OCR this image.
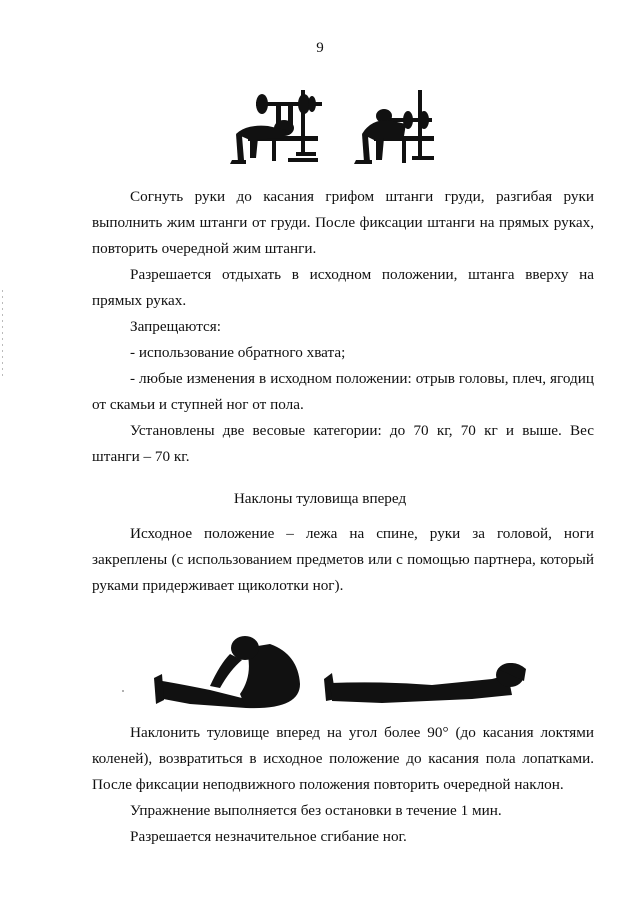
9

Согнуть руки до касания грифом штанги груди, разгибая руки выполнить жим штанги от груди. После фиксации штанги на прямых руках, повторить очередной жим штанги.

Разрешается отдыхать в исходном положении, штанга вверху на прямых руках.

Запрещаются:

- использование обратного хвата;

- любые изменения в исходном положении: отрыв головы, плеч, ягодиц от скамьи и ступней ног от пола.

Установлены две весовые категории: до 70 кг, 70 кг и выше. Вес штанги – 70 кг.

Наклоны туловища вперед

Исходное положение – лежа на спине, руки за головой, ноги закреплены (с использованием предметов или с помощью партнера, который руками придерживает щиколотки ног).

Наклонить туловище вперед на угол более 90° (до касания локтями коленей), возвратиться в исходное положение до касания пола лопатками. После фиксации неподвижного положения повторить очередной наклон.

Упражнение выполняется без остановки в течение 1 мин.

Разрешается незначительное сгибание ног.
